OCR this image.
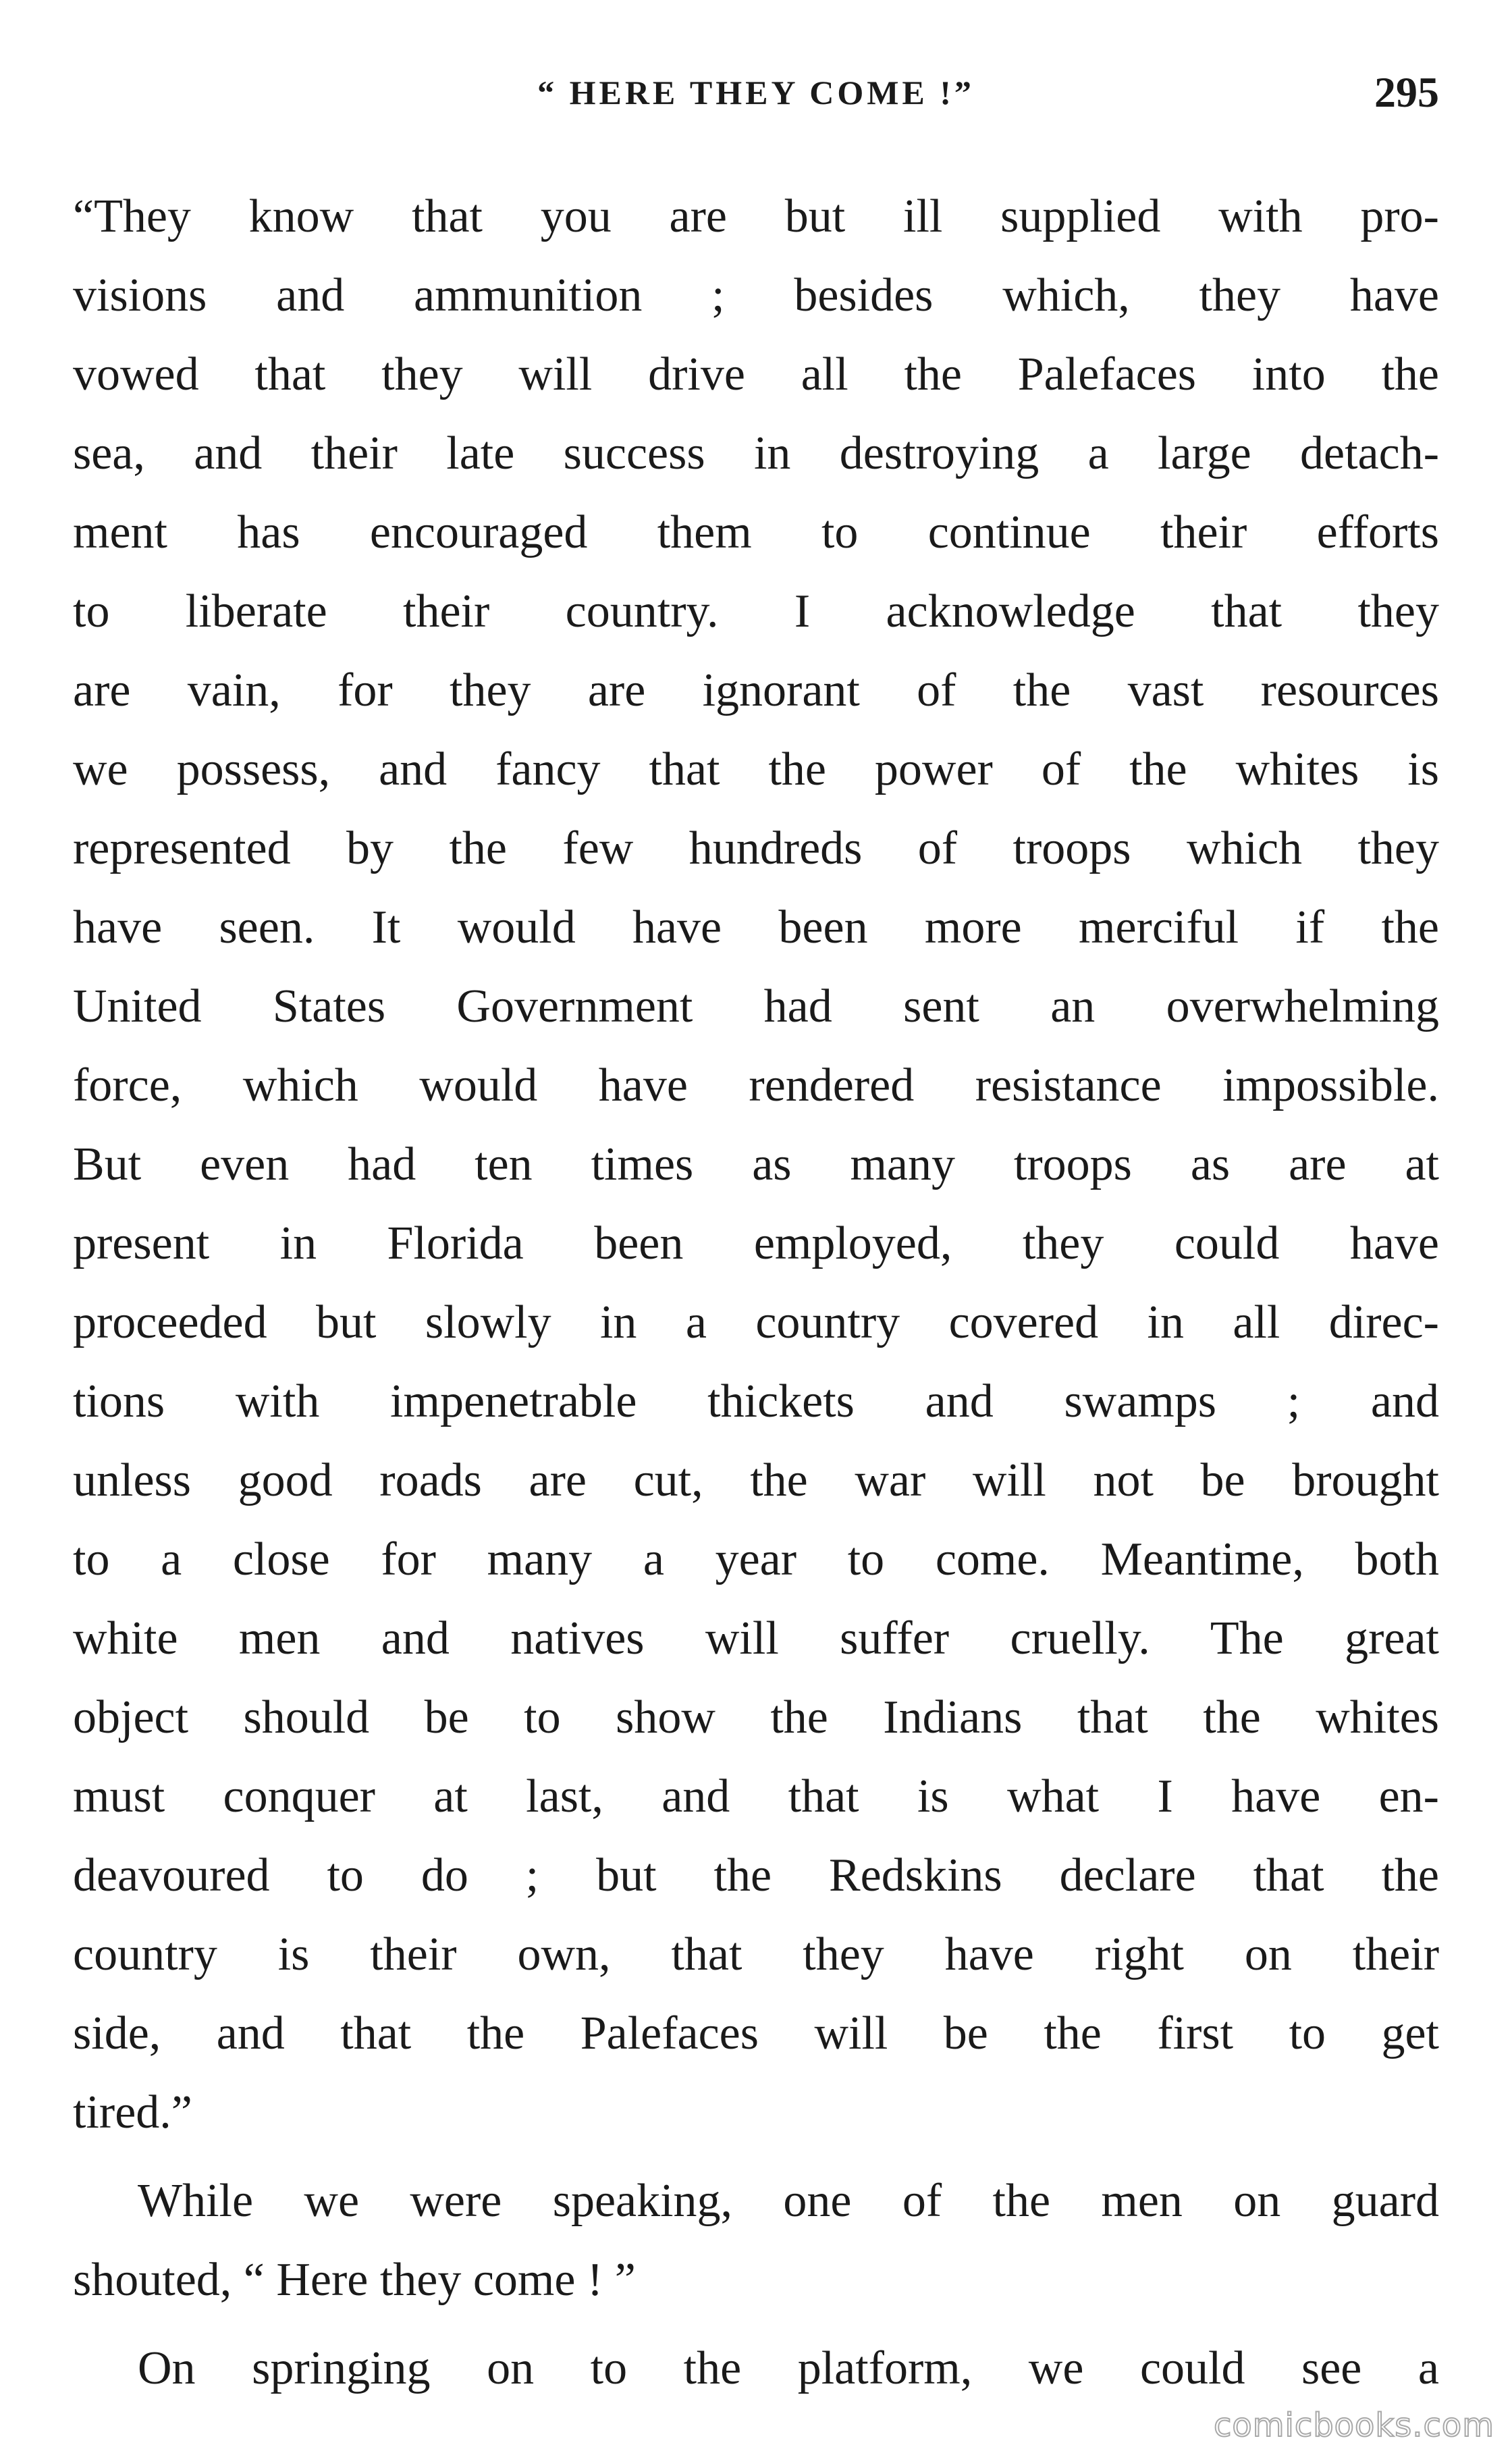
“ HERE THEY COME !”	295
“They know that you are but ill supplied with pro-
visions and ammunition ; besides which, they have
vowed that they will drive all the Palefaces into the
sea, and their late success in destroying a large detach-
ment has encouraged them to continue their efforts
to liberate their country. I acknowledge that they
are vain, for they are ignorant of the vast resources
we possess, and fancy that the power of the whites is
represented by the few hundreds of troops which they
have seen. It would have been more merciful if the
United States Government had sent an overwhelming
force, which would have rendered resistance impossible.
But even had ten times as many troops as are at
present in Florida been employed, they could have
proceeded but slowly in a country covered in all direc-
tions with impenetrable thickets and swamps ; and
unless good roads are cut, the war will not be brought
to a close for many a year to come. Meantime, both
white men and natives will suffer cruelly. The great
object should be to show the Indians that the whites
must conquer at last, and that is what I have en-
deavoured to do ; but the Redskins declare that the
country is their own, that they have right on their
side, and that the Palefaces will be the first to get
tired.”
While we were speaking, one of the men on guard
shouted, “ Here they come ! ”
On springing on to the platform, we could see a
comicbooks.com
